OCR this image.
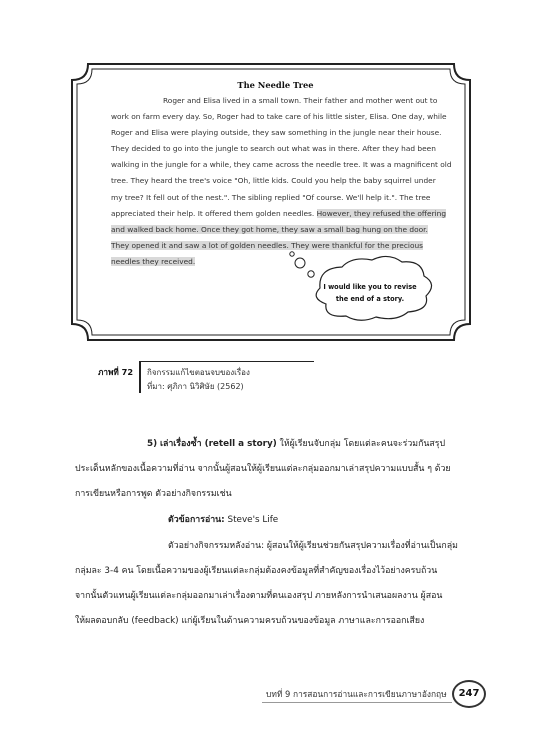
The Needle Tree
Roger and Elisa lived in a small town. Their father and mother went out to
work on farm every day. So, Roger had to take care of his little sister, Elisa. One day, while
Roger and Elisa were playing outside, they saw something in the jungle near their house.
They decided to go into the jungle to search out what was in there. After they had been
walking in the jungle for a while, they came across the needle tree. It was a magnificent old
tree. They heard the tree's voice "Oh, little kids. Could you help the baby squirrel under
my tree? It fell out of the nest.". The sibling replied "Of course. We'll help it.". The tree
appreciated their help. It offered them golden needles. However, they refused the offering
and walked back home. Once they got home, they saw a small bag hung on the door.
They opened it and saw a lot of golden needles. They were thankful for the precious
needles they received.
I would like you to revise
the end of a story.
ภาพที่ 72 กิจกรรมแก้ไขตอนจบของเรื่อง
ที่มา: ศุภิกา นิวิศิษัย (2562)
5) เล่าเรื่องซ้ำ (retell a story) ให้ผู้เรียนจับกลุ่ม โดยแต่ละคนจะร่วมกันสรุป
ประเด็นหลักของเนื้อความที่อ่าน จากนั้นผู้สอนให้ผู้เรียนแต่ละกลุ่มออกมาเล่าสรุปความแบบสั้น ๆ ด้วย
การเขียนหรือการพูด ตัวอย่างกิจกรรมเช่น
ตัวข้อการอ่าน: Steve's Life
ตัวอย่างกิจกรรมหลังอ่าน: ผู้สอนให้ผู้เรียนช่วยกันสรุปความเรื่องที่อ่านเป็นกลุ่ม
กลุ่มละ 3-4 คน โดยเนื้อความของผู้เรียนแต่ละกลุ่มต้องคงข้อมูลที่สำคัญของเรื่องไว้อย่างครบถ้วน
จากนั้นตัวแทนผู้เรียนแต่ละกลุ่มออกมาเล่าเรื่องตามที่ตนเองสรุป ภายหลังการนำเสนอผลงาน ผู้สอน
ให้ผลตอบกลับ (feedback) แก่ผู้เรียนในด้านความครบถ้วนของข้อมูล ภาษาและการออกเสียง
บทที่ 9 การสอนการอ่านและการเขียนภาษาอังกฤษ	247
